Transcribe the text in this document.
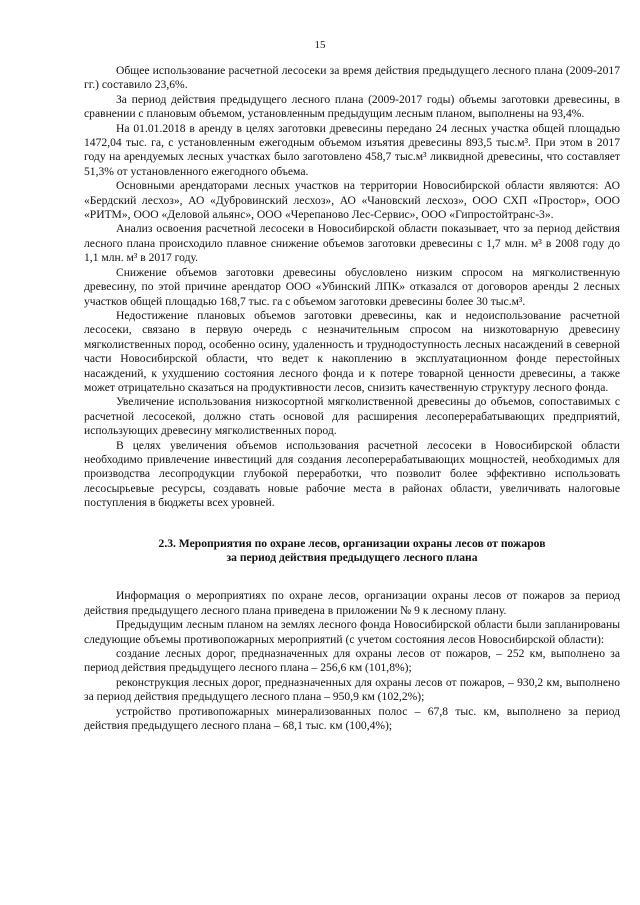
15

Общее использование расчетной лесосеки за время действия предыдущего лесного плана (2009-2017 гг.) составило 23,6%.

За период действия предыдущего лесного плана (2009-2017 годы) объемы заготовки древесины, в сравнении с плановым объемом, установленным предыдущим лесным планом, выполнены на 93,4%.

На 01.01.2018 в аренду в целях заготовки древесины передано 24 лесных участка общей площадью 1472,04 тыс. га, с установленным ежегодным объемом изъятия древесины 893,5 тыс.м³. При этом в 2017 году на арендуемых лесных участках было заготовлено 458,7 тыс.м³ ликвидной древесины, что составляет 51,3% от установленного ежегодного объема.

Основными арендаторами лесных участков на территории Новосибирской области являются: АО «Бердский лесхоз», АО «Дубровинский лесхоз», АО «Чановский лесхоз», ООО СХП «Простор», ООО «РИТМ», ООО «Деловой альянс», ООО «Черепаново Лес-Сервис», ООО «Гипростойтранс-3».

Анализ освоения расчетной лесосеки в Новосибирской области показывает, что за период действия лесного плана происходило плавное снижение объемов заготовки древесины с 1,7 млн. м³ в 2008 году до 1,1 млн. м³ в 2017 году.

Снижение объемов заготовки древесины обусловлено низким спросом на мягколиственную древесину, по этой причине арендатор ООО «Убинский ЛПК» отказался от договоров аренды 2 лесных участков общей площадью 168,7 тыс. га с объемом заготовки древесины более 30 тыс.м³.

Недостижение плановых объемов заготовки древесины, как и недоиспользование расчетной лесосеки, связано в первую очередь с незначительным спросом на низкотоварную древесину мягколиственных пород, особенно осину, удаленность и труднодоступность лесных насаждений в северной части Новосибирской области, что ведет к накоплению в эксплуатационном фонде перестойных насаждений, к ухудшению состояния лесного фонда и к потере товарной ценности древесины, а также может отрицательно сказаться на продуктивности лесов, снизить качественную структуру лесного фонда.

Увеличение использования низкосортной мягколиственной древесины до объемов, сопоставимых с расчетной лесосекой, должно стать основой для расширения лесоперерабатывающих предприятий, использующих древесину мягколиственных пород.

В целях увеличения объемов использования расчетной лесосеки в Новосибирской области необходимо привлечение инвестиций для создания лесоперерабатывающих мощностей, необходимых для производства лесопродукции глубокой переработки, что позволит более эффективно использовать лесосырьевые ресурсы, создавать новые рабочие места в районах области, увеличивать налоговые поступления в бюджеты всех уровней.

2.3. Мероприятия по охране лесов, организации охраны лесов от пожаров
за период действия предыдущего лесного плана

Информация о мероприятиях по охране лесов, организации охраны лесов от пожаров за период действия предыдущего лесного плана приведена в приложении № 9 к лесному плану.

Предыдущим лесным планом на землях лесного фонда Новосибирской области были запланированы следующие объемы противопожарных мероприятий (с учетом состояния лесов Новосибирской области):

создание лесных дорог, предназначенных для охраны лесов от пожаров, – 252 км, выполнено за период действия предыдущего лесного плана – 256,6 км (101,8%);

реконструкция лесных дорог, предназначенных для охраны лесов от пожаров, – 930,2 км, выполнено за период действия предыдущего лесного плана – 950,9 км (102,2%);

устройство противопожарных минерализованных полос – 67,8 тыс. км, выполнено за период действия предыдущего лесного плана – 68,1 тыс. км (100,4%);
